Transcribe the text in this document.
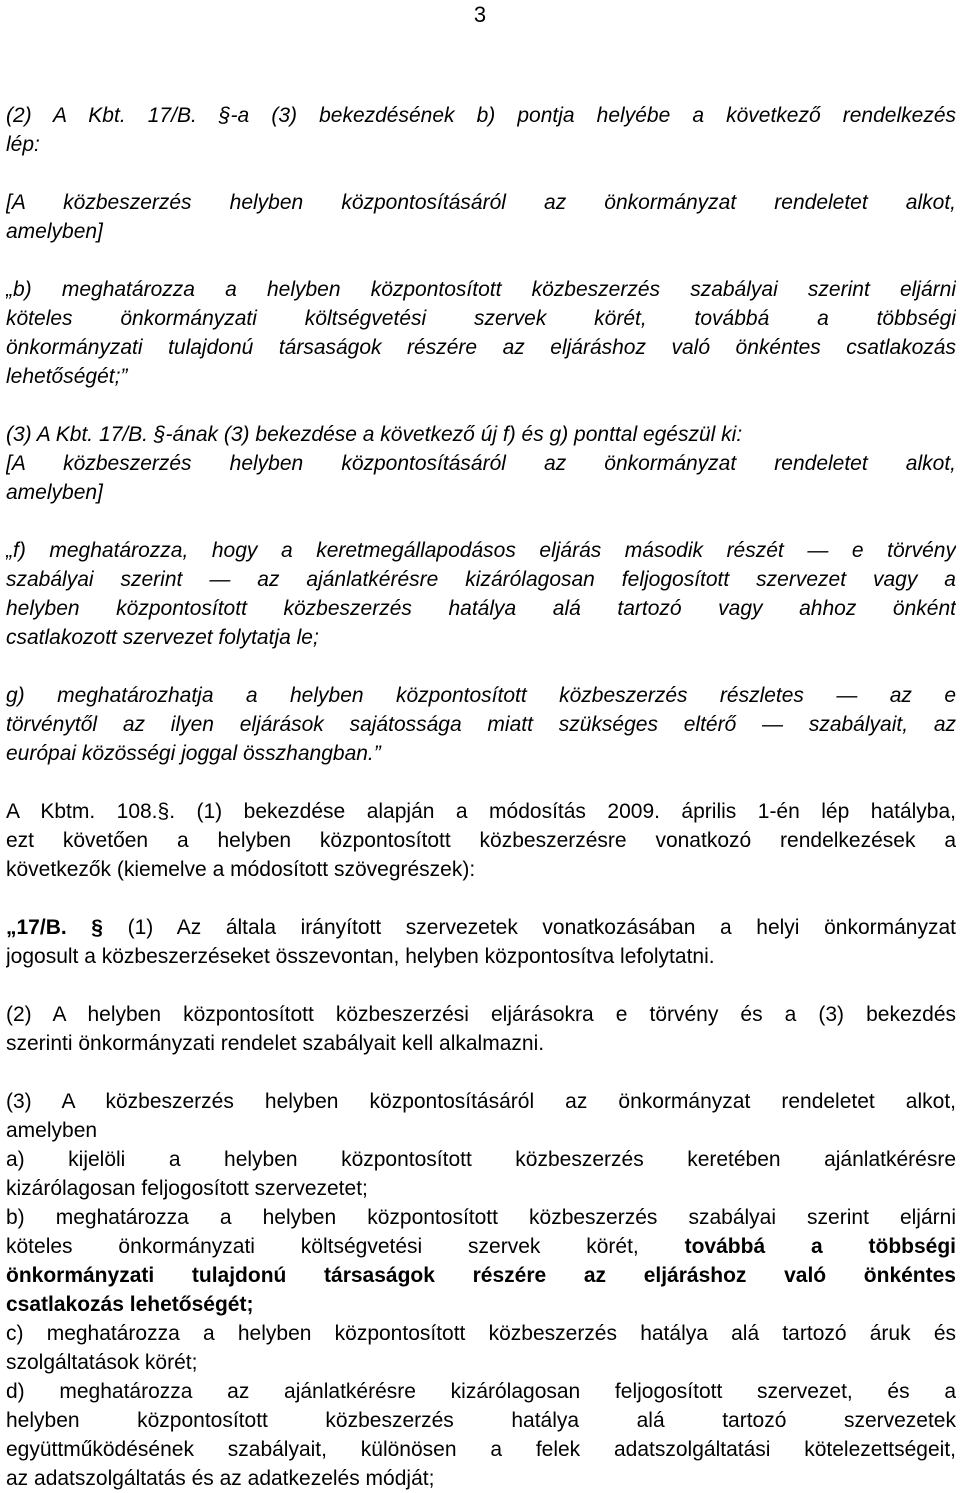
3
(2) A Kbt. 17/B. §-a (3) bekezdésének b) pontja helyébe a következő rendelkezés
lép:
[A közbeszerzés helyben központosításáról az önkormányzat rendeletet alkot,
amelyben]
„b) meghatározza a helyben központosított közbeszerzés szabályai szerint eljárni
köteles önkormányzati költségvetési szervek körét, továbbá a többségi
önkormányzati tulajdonú társaságok részére az eljáráshoz való önkéntes csatlakozás
lehetőségét;”
(3) A Kbt. 17/B. §-ának (3) bekezdése a következő új f) és g) ponttal egészül ki:
[A közbeszerzés helyben központosításáról az önkormányzat rendeletet alkot,
amelyben]
„f) meghatározza, hogy a keretmegállapodásos eljárás második részét — e törvény
szabályai szerint — az ajánlatkérésre kizárólagosan feljogosított szervezet vagy a
helyben központosított közbeszerzés hatálya alá tartozó vagy ahhoz önként
csatlakozott szervezet folytatja le;
g) meghatározhatja a helyben központosított közbeszerzés részletes — az e
törvénytől az ilyen eljárások sajátossága miatt szükséges eltérő — szabályait, az
európai közösségi joggal összhangban.”
A Kbtm. 108.§. (1) bekezdése alapján a módosítás 2009. április 1-én lép hatályba,
ezt követően a helyben központosított közbeszerzésre vonatkozó rendelkezések a
következők (kiemelve a módosított szövegrészek):
„17/B. § (1) Az általa irányított szervezetek vonatkozásában a helyi önkormányzat
jogosult a közbeszerzéseket összevontan, helyben központosítva lefolytatni.
(2) A helyben központosított közbeszerzési eljárásokra e törvény és a (3) bekezdés
szerinti önkormányzati rendelet szabályait kell alkalmazni.
(3) A közbeszerzés helyben központosításáról az önkormányzat rendeletet alkot,
amelyben
a) kijelöli a helyben központosított közbeszerzés keretében ajánlatkérésre
kizárólagosan feljogosított szervezetet;
b) meghatározza a helyben központosított közbeszerzés szabályai szerint eljárni
köteles önkormányzati költségvetési szervek körét, továbbá a többségi
önkormányzati tulajdonú társaságok részére az eljáráshoz való önkéntes
csatlakozás lehetőségét;
c) meghatározza a helyben központosított közbeszerzés hatálya alá tartozó áruk és
szolgáltatások körét;
d) meghatározza az ajánlatkérésre kizárólagosan feljogosított szervezet, és a
helyben központosított közbeszerzés hatálya alá tartozó szervezetek
együttműködésének szabályait, különösen a felek adatszolgáltatási kötelezettségeit,
az adatszolgáltatás és az adatkezelés módját;
